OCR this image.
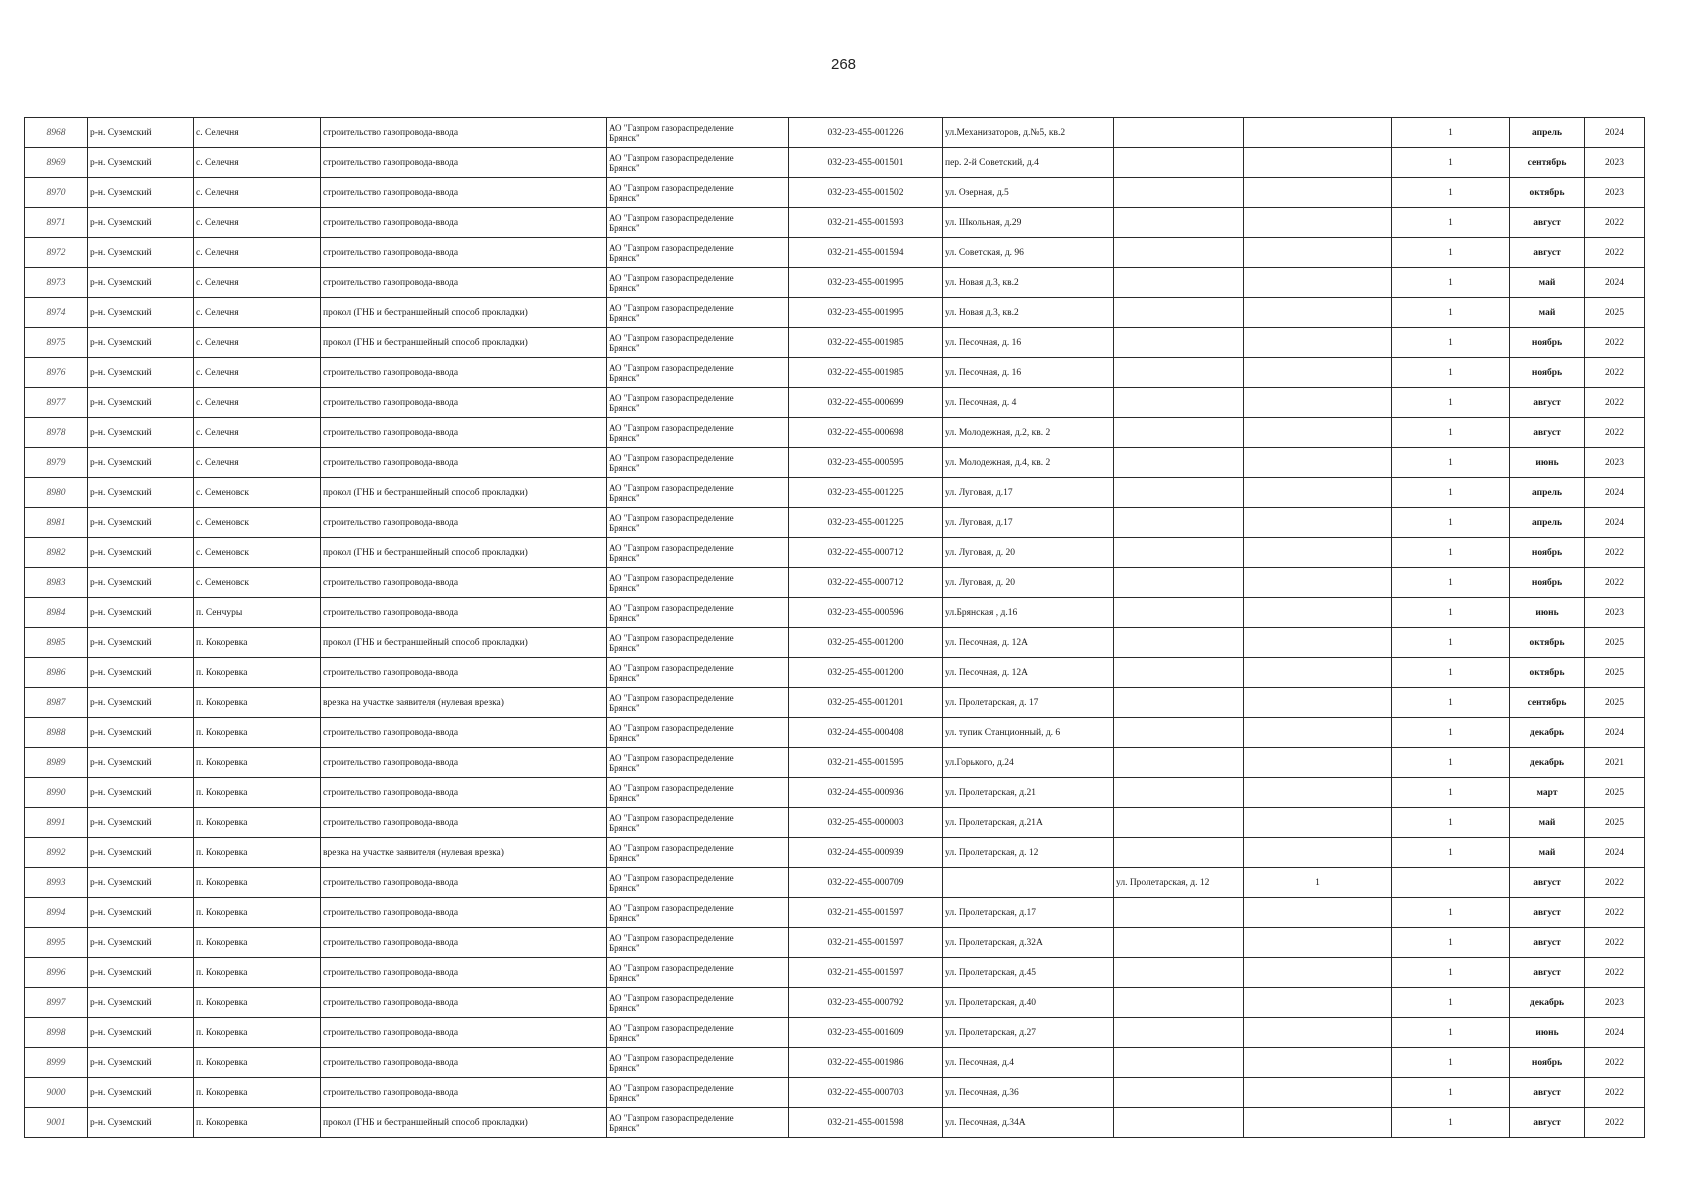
268
8968	р-н. Суземский	с. Селечня	строительство газопровода-ввода	АО "Газпром газораспределение
Брянск"	032-23-455-001226	ул.Механизаторов, д.№5, кв.2			1	апрель	2024
8969	р-н. Суземский	с. Селечня	строительство газопровода-ввода	АО "Газпром газораспределение
Брянск"	032-23-455-001501	пер. 2-й Советский, д.4			1	сентябрь	2023
8970	р-н. Суземский	с. Селечня	строительство газопровода-ввода	АО "Газпром газораспределение
Брянск"	032-23-455-001502	ул. Озерная, д.5			1	октябрь	2023
8971	р-н. Суземский	с. Селечня	строительство газопровода-ввода	АО "Газпром газораспределение
Брянск"	032-21-455-001593	ул. Школьная, д.29			1	август	2022
8972	р-н. Суземский	с. Селечня	строительство газопровода-ввода	АО "Газпром газораспределение
Брянск"	032-21-455-001594	ул. Советская, д. 96			1	август	2022
8973	р-н. Суземский	с. Селечня	строительство газопровода-ввода	АО "Газпром газораспределение
Брянск"	032-23-455-001995	ул. Новая д.3, кв.2			1	май	2024
8974	р-н. Суземский	с. Селечня	прокол (ГНБ и бестраншейный способ прокладки)	АО "Газпром газораспределение
Брянск"	032-23-455-001995	ул. Новая д.3, кв.2			1	май	2025
8975	р-н. Суземский	с. Селечня	прокол (ГНБ и бестраншейный способ прокладки)	АО "Газпром газораспределение
Брянск"	032-22-455-001985	ул. Песочная, д. 16			1	ноябрь	2022
8976	р-н. Суземский	с. Селечня	строительство газопровода-ввода	АО "Газпром газораспределение
Брянск"	032-22-455-001985	ул. Песочная, д. 16			1	ноябрь	2022
8977	р-н. Суземский	с. Селечня	строительство газопровода-ввода	АО "Газпром газораспределение
Брянск"	032-22-455-000699	ул. Песочная, д. 4			1	август	2022
8978	р-н. Суземский	с. Селечня	строительство газопровода-ввода	АО "Газпром газораспределение
Брянск"	032-22-455-000698	ул. Молодежная, д.2, кв. 2			1	август	2022
8979	р-н. Суземский	с. Селечня	строительство газопровода-ввода	АО "Газпром газораспределение
Брянск"	032-23-455-000595	ул. Молодежная, д.4, кв. 2			1	июнь	2023
8980	р-н. Суземский	с. Семеновск	прокол (ГНБ и бестраншейный способ прокладки)	АО "Газпром газораспределение
Брянск"	032-23-455-001225	ул. Луговая, д.17			1	апрель	2024
8981	р-н. Суземский	с. Семеновск	строительство газопровода-ввода	АО "Газпром газораспределение
Брянск"	032-23-455-001225	ул. Луговая, д.17			1	апрель	2024
8982	р-н. Суземский	с. Семеновск	прокол (ГНБ и бестраншейный способ прокладки)	АО "Газпром газораспределение
Брянск"	032-22-455-000712	ул. Луговая, д. 20			1	ноябрь	2022
8983	р-н. Суземский	с. Семеновск	строительство газопровода-ввода	АО "Газпром газораспределение
Брянск"	032-22-455-000712	ул. Луговая, д. 20			1	ноябрь	2022
8984	р-н. Суземский	п. Сенчуры	строительство газопровода-ввода	АО "Газпром газораспределение
Брянск"	032-23-455-000596	ул.Брянская , д.16			1	июнь	2023
8985	р-н. Суземский	п. Кокоревка	прокол (ГНБ и бестраншейный способ прокладки)	АО "Газпром газораспределение
Брянск"	032-25-455-001200	ул. Песочная, д. 12А			1	октябрь	2025
8986	р-н. Суземский	п. Кокоревка	строительство газопровода-ввода	АО "Газпром газораспределение
Брянск"	032-25-455-001200	ул. Песочная, д. 12А			1	октябрь	2025
8987	р-н. Суземский	п. Кокоревка	врезка на участке заявителя (нулевая врезка)	АО "Газпром газораспределение
Брянск"	032-25-455-001201	ул. Пролетарская, д. 17			1	сентябрь	2025
8988	р-н. Суземский	п. Кокоревка	строительство газопровода-ввода	АО "Газпром газораспределение
Брянск"	032-24-455-000408	ул. тупик Станционный, д. 6			1	декабрь	2024
8989	р-н. Суземский	п. Кокоревка	строительство газопровода-ввода	АО "Газпром газораспределение
Брянск"	032-21-455-001595	ул.Горького, д.24			1	декабрь	2021
8990	р-н. Суземский	п. Кокоревка	строительство газопровода-ввода	АО "Газпром газораспределение
Брянск"	032-24-455-000936	ул. Пролетарская, д.21			1	март	2025
8991	р-н. Суземский	п. Кокоревка	строительство газопровода-ввода	АО "Газпром газораспределение
Брянск"	032-25-455-000003	ул. Пролетарская, д.21А			1	май	2025
8992	р-н. Суземский	п. Кокоревка	врезка на участке заявителя (нулевая врезка)	АО "Газпром газораспределение
Брянск"	032-24-455-000939	ул. Пролетарская, д. 12			1	май	2024
8993	р-н. Суземский	п. Кокоревка	строительство газопровода-ввода	АО "Газпром газораспределение
Брянск"	032-22-455-000709		ул. Пролетарская, д. 12	1		август	2022
8994	р-н. Суземский	п. Кокоревка	строительство газопровода-ввода	АО "Газпром газораспределение
Брянск"	032-21-455-001597	ул. Пролетарская, д.17			1	август	2022
8995	р-н. Суземский	п. Кокоревка	строительство газопровода-ввода	АО "Газпром газораспределение
Брянск"	032-21-455-001597	ул. Пролетарская, д.32А			1	август	2022
8996	р-н. Суземский	п. Кокоревка	строительство газопровода-ввода	АО "Газпром газораспределение
Брянск"	032-21-455-001597	ул. Пролетарская, д.45			1	август	2022
8997	р-н. Суземский	п. Кокоревка	строительство газопровода-ввода	АО "Газпром газораспределение
Брянск"	032-23-455-000792	ул. Пролетарская, д.40			1	декабрь	2023
8998	р-н. Суземский	п. Кокоревка	строительство газопровода-ввода	АО "Газпром газораспределение
Брянск"	032-23-455-001609	ул. Пролетарская, д.27			1	июнь	2024
8999	р-н. Суземский	п. Кокоревка	строительство газопровода-ввода	АО "Газпром газораспределение
Брянск"	032-22-455-001986	ул. Песочная, д.4			1	ноябрь	2022
9000	р-н. Суземский	п. Кокоревка	строительство газопровода-ввода	АО "Газпром газораспределение
Брянск"	032-22-455-000703	ул. Песочная, д.36			1	август	2022
9001	р-н. Суземский	п. Кокоревка	прокол (ГНБ и бестраншейный способ прокладки)	АО "Газпром газораспределение
Брянск"	032-21-455-001598	ул. Песочная, д.34А			1	август	2022
